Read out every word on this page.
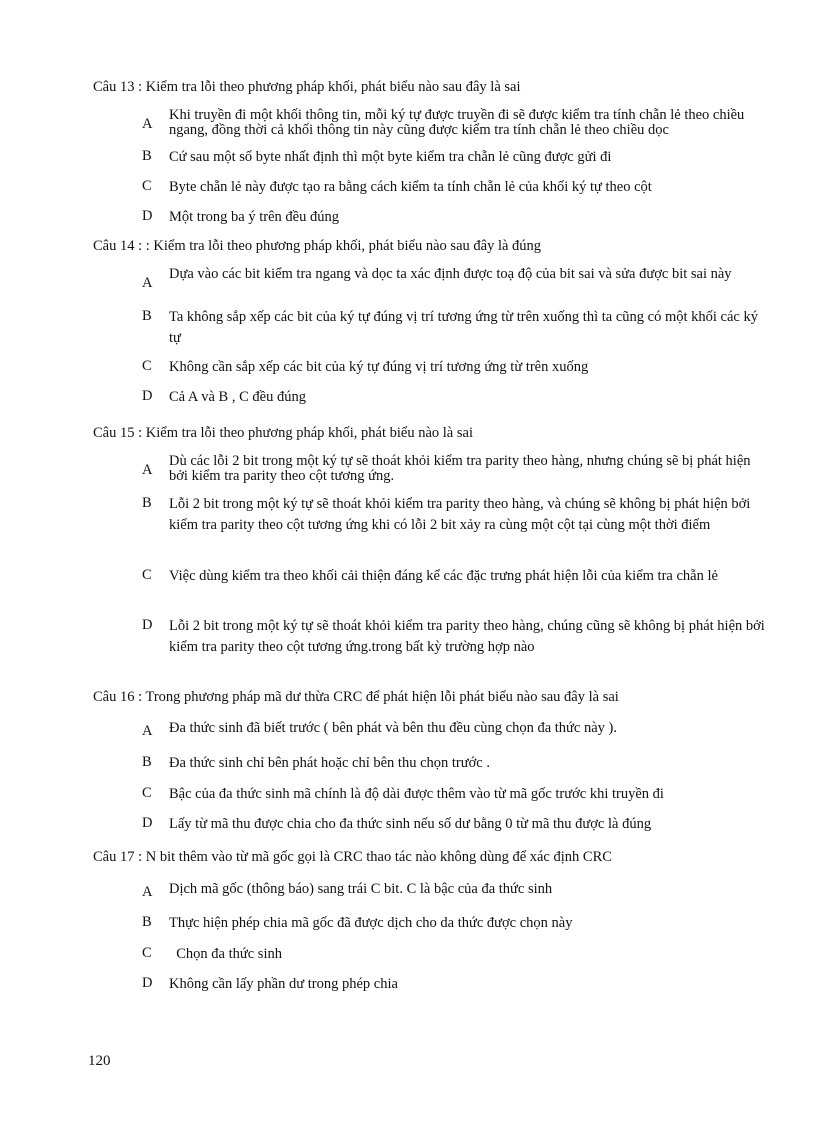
Câu 13 : Kiểm tra lỗi theo phương pháp khối, phát biểu nào sau đây là sai
A
Khi truyền đi một khối thông tin, mỗi ký tự được truyền đi sẽ được kiểm tra tính chẵn lẻ theo chiều ngang, đồng thời cả khối thông tin này cũng được kiểm tra tính chẵn lẻ theo chiều dọc
B	Cứ sau một số byte nhất định thì một byte kiểm tra chẵn lẻ cũng được gửi đi
C	Byte chẵn lẻ này được tạo ra bằng cách kiểm ta tính chẵn lẻ của khối ký tự theo cột
D	Một trong ba ý trên đều đúng
Câu 14 : : Kiểm tra lỗi theo phương pháp khối, phát biểu nào sau đây là đúng
A
Dựa vào các bit kiểm tra ngang và dọc ta xác định được toạ độ của bit sai và sửa được bit sai này
B	Ta không sắp xếp các bit của ký tự đúng vị trí tương ứng từ trên xuống thì ta cũng có một khối các ký tự
C	Không cần sắp xếp các bit của ký tự đúng vị trí tương ứng từ trên xuống
D	Cả A và B , C đều đúng
Câu 15 : Kiểm tra lỗi theo phương pháp khối, phát biểu nào là sai
A
Dù các lỗi 2 bit trong một ký tự sẽ thoát khỏi kiểm tra parity theo hàng, nhưng chúng sẽ bị phát hiện bởi kiểm tra parity theo cột tương ứng.
B	Lỗi 2 bit trong một ký tự sẽ thoát khỏi kiểm tra parity theo hàng, và chúng sẽ không bị phát hiện bởi kiểm tra parity theo cột tương ứng khi có lỗi 2 bit xảy ra cùng một cột tại cùng một thời điểm
C	Việc dùng kiểm tra theo khối cải thiện đáng kể các đặc trưng phát hiện lỗi của kiểm tra chẵn lẻ
D	Lỗi 2 bit trong một ký tự sẽ thoát khỏi kiểm tra parity theo hàng, chúng cũng sẽ không bị phát hiện bởi kiểm tra parity theo cột tương ứng.trong bất kỳ trường hợp nào
Câu 16 : Trong phương pháp mã dư thừa CRC để phát hiện lỗi phát biểu nào sau đây là sai
A	Đa thức sinh đã biết trước ( bên phát và bên thu đều cùng chọn đa thức này ).
B	Đa thức sinh chỉ bên phát hoặc chỉ bên thu chọn trước .
C	Bậc của đa thức sinh mã chính là độ dài được thêm vào từ mã gốc trước khi truyền đi
D	Lấy từ mã thu được chia cho đa thức sinh nếu số dư bằng 0 từ mã thu được là đúng
Câu 17 : N bit thêm vào từ mã gốc gọi là CRC thao tác nào không dùng để xác định CRC
A	Dịch mã gốc (thông báo) sang trái C bit. C là bậc của đa thức sinh
B	Thực hiện phép chia mã gốc đã được dịch cho da thức được chọn này
C	Chọn đa thức sinh
D	Không cần lấy phần dư trong phép chia
120
